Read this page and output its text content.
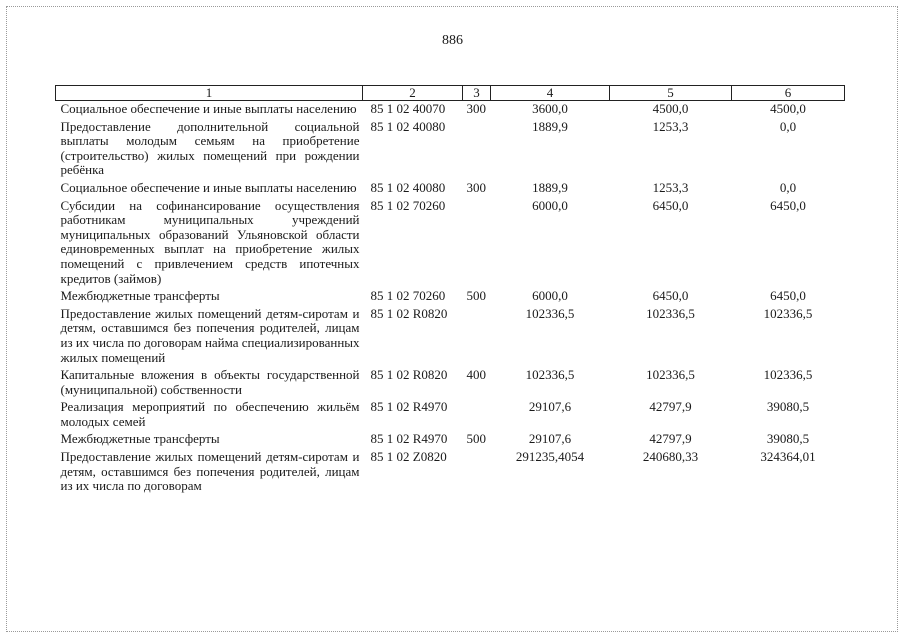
886
1	2	3	4	5	6
Социальное обеспечение и иные выплаты населению	85 1 02 40070	300	3600,0	4500,0	4500,0
Предоставление дополнительной социальной выплаты молодым семьям на приобретение (строительство) жилых помещений при рождении ребёнка	85 1 02 40080		1889,9	1253,3	0,0
Социальное обеспечение и иные выплаты населению	85 1 02 40080	300	1889,9	1253,3	0,0
Субсидии на софинансирование осуществления работникам муниципальных учреждений муниципальных образований Ульяновской области единовременных выплат на приобретение жилых помещений с привлечением средств ипотечных кредитов (займов)	85 1 02 70260		6000,0	6450,0	6450,0
Межбюджетные трансферты	85 1 02 70260	500	6000,0	6450,0	6450,0
Предоставление жилых помещений детям-сиротам и детям, оставшимся без попечения родителей, лицам из их числа по договорам найма специализированных жилых помещений	85 1 02 R0820		102336,5	102336,5	102336,5
Капитальные вложения в объекты государственной (муниципальной) собственности	85 1 02 R0820	400	102336,5	102336,5	102336,5
Реализация мероприятий по обеспечению жильём молодых семей	85 1 02 R4970		29107,6	42797,9	39080,5
Межбюджетные трансферты	85 1 02 R4970	500	29107,6	42797,9	39080,5
Предоставление жилых помещений детям-сиротам и детям, оставшимся без попечения родителей, лицам из их числа по договорам	85 1 02 Z0820		291235,4054	240680,33	324364,01
